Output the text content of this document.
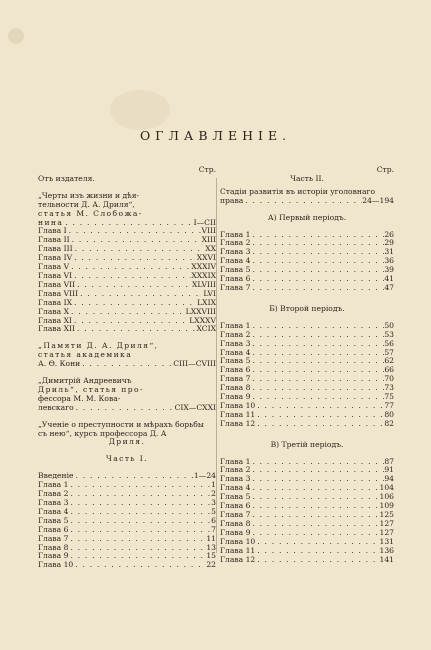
ОГЛАВЛЕНІЕ.
Стр.
Отъ издателя.
„Черты изъ жизни и дѣя-
тельности Д. А. Дриля“,
статья М. Слобожа-
нина . . .	I—CII
Глава I . . .	VIII
Глава II . . .	XIII
Глава III . . .	XX
Глава IV . . .	XXVI
Глава V . . .	XXXIV
Глава VI . . .	XXXIX
Глава VII . . .	XLVIII
Глава VIII . . .	LVI
Глава IX . . .	LXIX
Глава X . . .	LXXVIII
Глава XI . . .	LXXXV
Глава XII . . .	XCIX
„Памяти Д. А. Дриля“,
статья академика
А. Ѳ. Кони . . .	CIII—CVIII
„Димитрій Андреевичъ
Дриль“, статья про-
фессора М. М. Кова-
левскаго . . .	CIX—CXXI
„Ученіе о преступности и мѣрахъ борьбы
съ нею“, курсъ профессора Д. А
Дриля.
Часть I.
Введеніе . . .	1—24
Глава 1 . . .	1
Глава 2 . . .	2
Глава 3 . . .	3
Глава 4 . . .	5
Глава 5 . . .	6
Глава 6 . . .	7
Глава 7 . . .	11
Глава 8 . . .	13
Глава 9 . . .	15
Глава 10 . . .	22
Стр.
Часть II.
Стадіи развитія въ исторіи уголовнаго
права . . .	24—194
А) Первый періодъ.
Глава 1 . . .	26
Глава 2 . . .	29
Глава 3 . . .	31
Глава 4 . . .	36
Глава 5 . . .	39
Глава 6 . . .	41
Глава 7 . . .	47
Б) Второй періодъ.
Глава 1 . . .	50
Глава 2 . . .	53
Глава 3 . . .	56
Глава 4 . . .	57
Глава 5 . . .	62
Глава 6 . . .	66
Глава 7 . . .	70
Глава 8 . . .	73
Глава 9 . . .	75
Глава 10 . . .	77
Глава 11 . . .	80
Глава 12 . . .	82
В) Третій періодъ.
Глава 1 . . .	87
Глава 2 . . .	91
Глава 3 . . .	94
Глава 4 . . .	104
Глава 5 . . .	106
Глава 6 . . .	109
Глава 7 . . .	125
Глава 8 . . .	127
Глава 9 . . .	127
Глава 10 . . .	131
Глава 11 . . .	136
Глава 12 . . .	141
